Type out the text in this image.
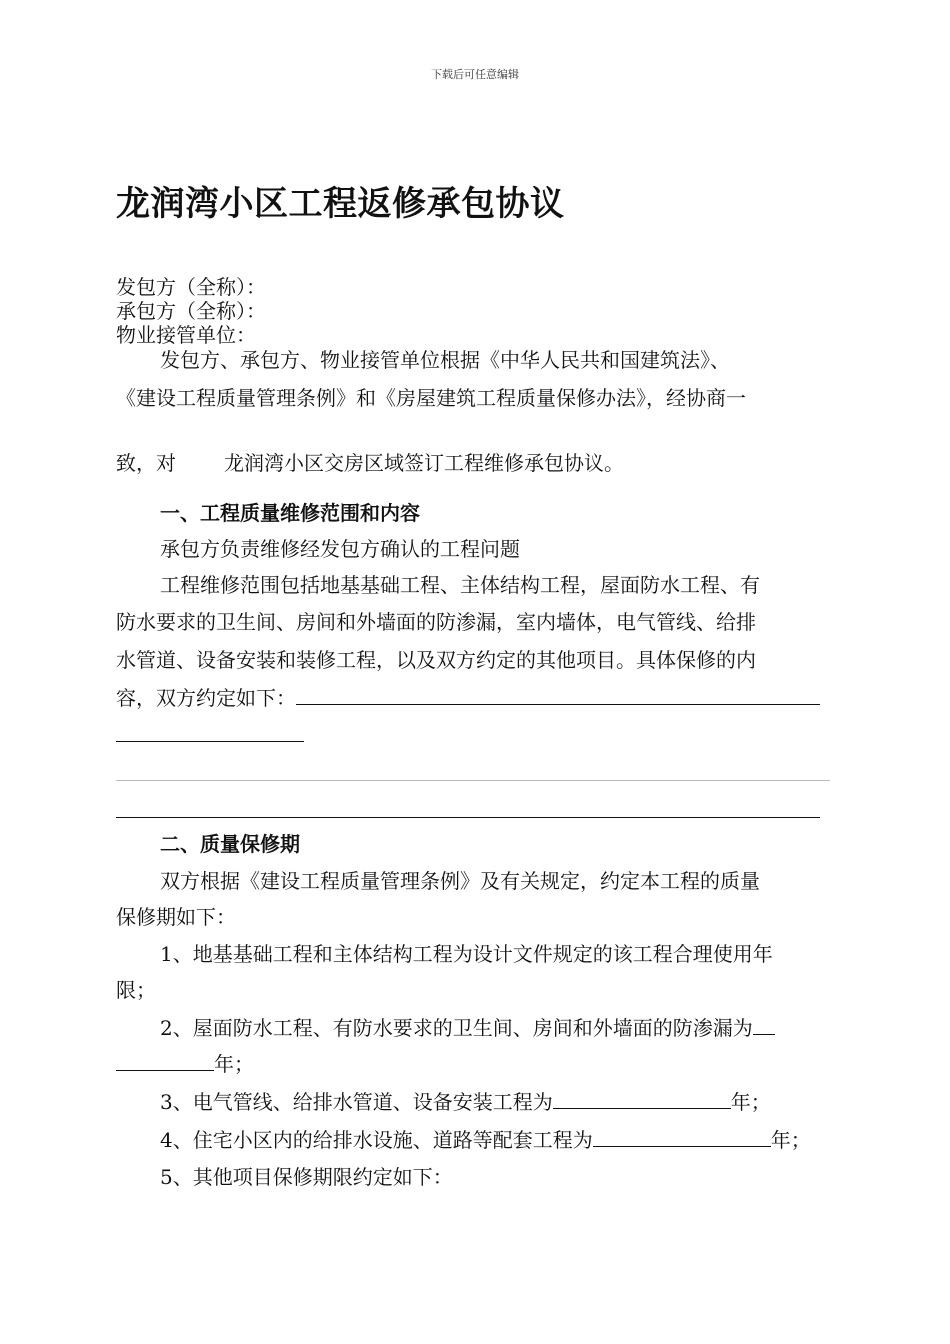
下载后可任意编辑
龙润湾小区工程返修承包协议
发包方（全称）：
承包方（全称）：
物业接管单位：
发包方、承包方、物业接管单位根据《中华人民共和国建筑法》、
《建设工程质量管理条例》和《房屋建筑工程质量保修办法》，经协商一
致，对 龙润湾小区交房区域签订工程维修承包协议。
一、工程质量维修范围和内容
承包方负责维修经发包方确认的工程问题
工程维修范围包括地基基础工程、主体结构工程，屋面防水工程、有
防水要求的卫生间、房间和外墙面的防渗漏，室内墙体，电气管线、给排
水管道、设备安装和装修工程，以及双方约定的其他项目。具体保修的内
容，双方约定如下：
二、质量保修期
双方根据《建设工程质量管理条例》及有关规定，约定本工程的质量
保修期如下：
1、地基基础工程和主体结构工程为设计文件规定的该工程合理使用年
限；
2、屋面防水工程、有防水要求的卫生间、房间和外墙面的防渗漏为
年；
3、电气管线、给排水管道、设备安装工程为	年；
4、住宅小区内的给排水设施、道路等配套工程为	年；
5、其他项目保修期限约定如下：
